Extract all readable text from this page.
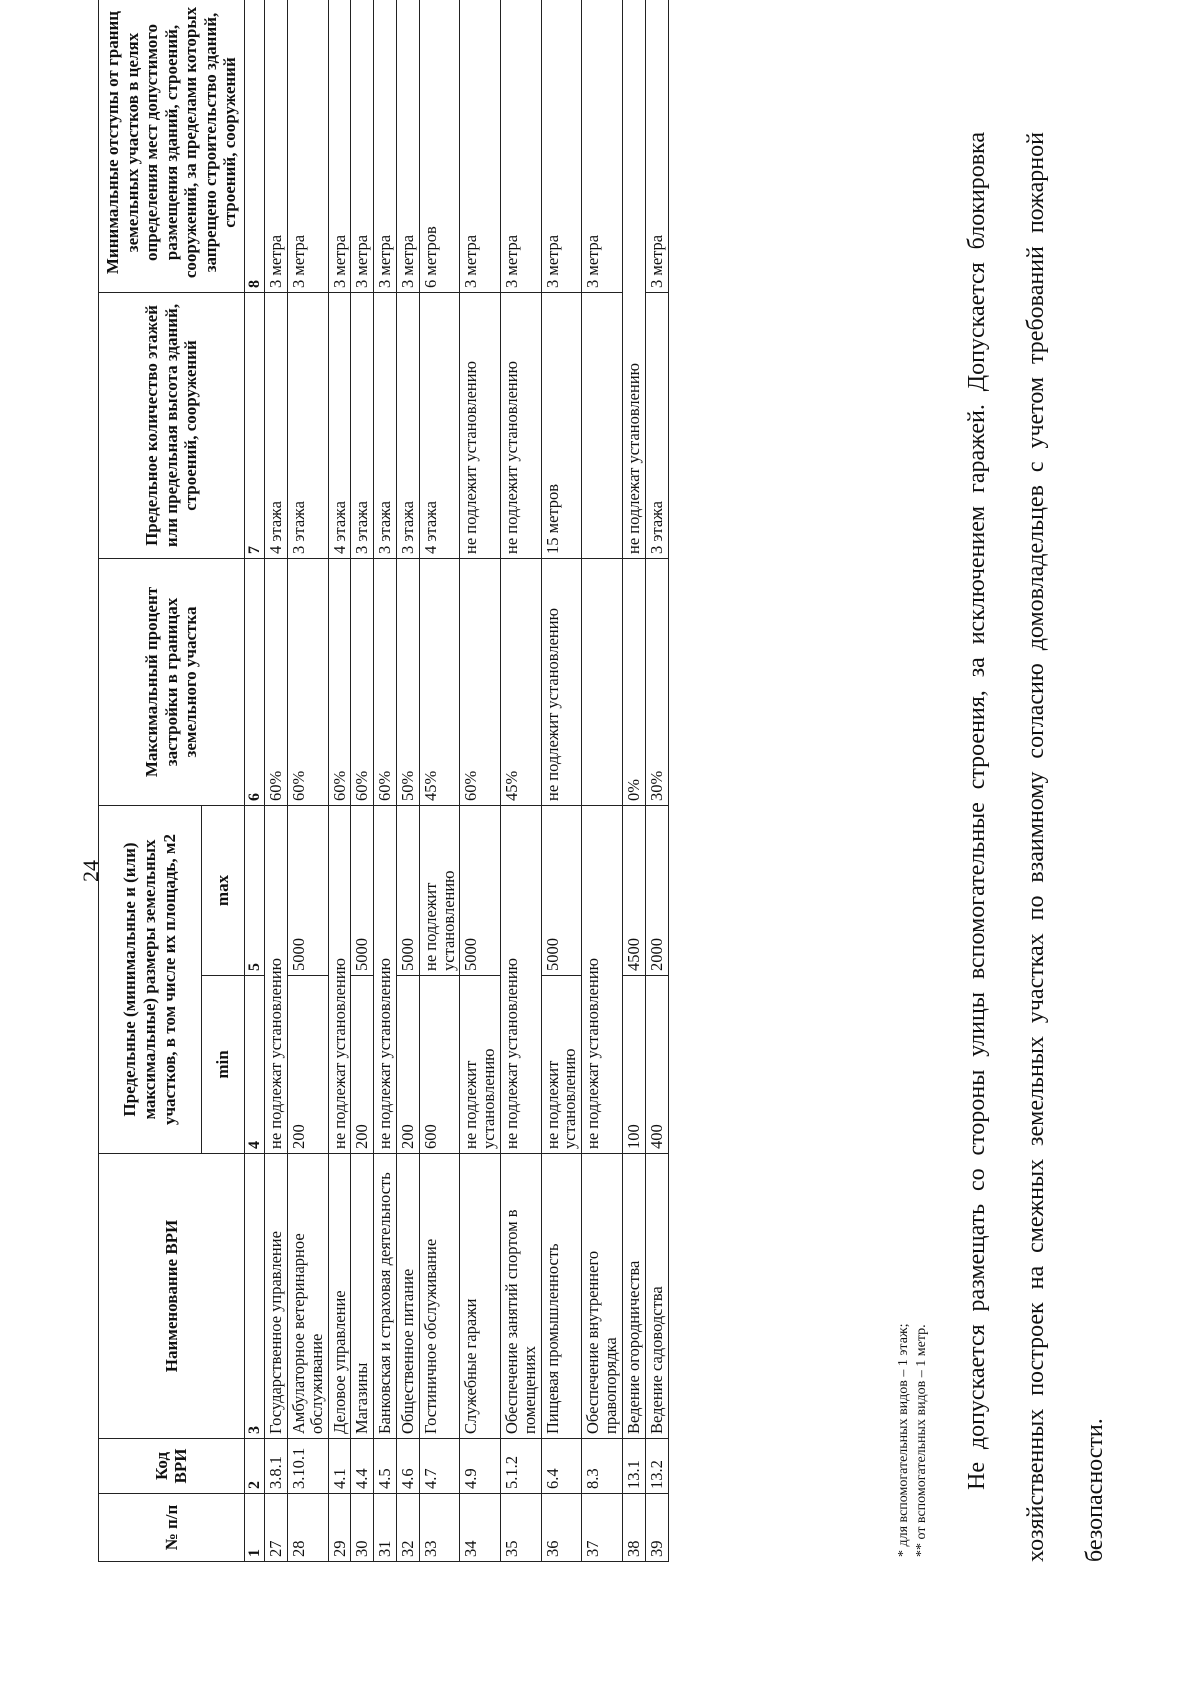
24
№ п/п	Код ВРИ	Наименование ВРИ	Предельные (минимальные и (или) максимальные) размеры земельных участков, в том числе их площадь, м2		Максимальный процент застройки в границах земельного участка	Предельное количество этажей или предельная высота зданий, строений, сооружений	Минимальные отступы от границ земельных участков в целях определения мест допустимого размещения зданий, строений, сооружений, за пределами которых запрещено строительство зданий, строений, сооружений
			min	max			
1	2	3	4	5	6	7	8
27	3.8.1	Государственное управление	не подлежат установлению		60%	4 этажа	3 метра
28	3.10.1	Амбулаторное ветеринарное обслуживание	200	5000	60%	3 этажа	3 метра
29	4.1	Деловое управление	не подлежат установлению		60%	4 этажа	3 метра
30	4.4	Магазины	200	5000	60%	3 этажа	3 метра
31	4.5	Банковская и страховая деятельность	не подлежат установлению		60%	3 этажа	3 метра
32	4.6	Общественное питание	200	5000	50%	3 этажа	3 метра
33	4.7	Гостиничное обслуживание	600	не подлежит установлению	45%	4 этажа	6 метров
34	4.9	Служебные гаражи	не подлежит установлению	5000	60%	не подлежит установлению	3 метра
35	5.1.2	Обеспечение занятий спортом в помещениях	не подлежат установлению		45%	не подлежит установлению	3 метра
36	6.4	Пищевая промышленность	не подлежит установлению	5000	не подлежит установлению	15 метров	3 метра
37	8.3	Обеспечение внутреннего правопорядка	не подлежат установлению				3 метра
38	13.1	Ведение огородничества	100	4500	0%	не подлежат установлению	
39	13.2	Ведение садоводства	400	2000	30%	3 этажа	3 метра
* для вспомогательных видов – 1 этаж; ** от вспомогательных видов – 1 метр.	Не допускается размещать со стороны улицы вспомогательные строения, за исключением гаражей. Допускается блокировка хозяйственных построек на смежных земельных участках по взаимному согласию домовладельцев с учетом требований пожарной безопасности.
